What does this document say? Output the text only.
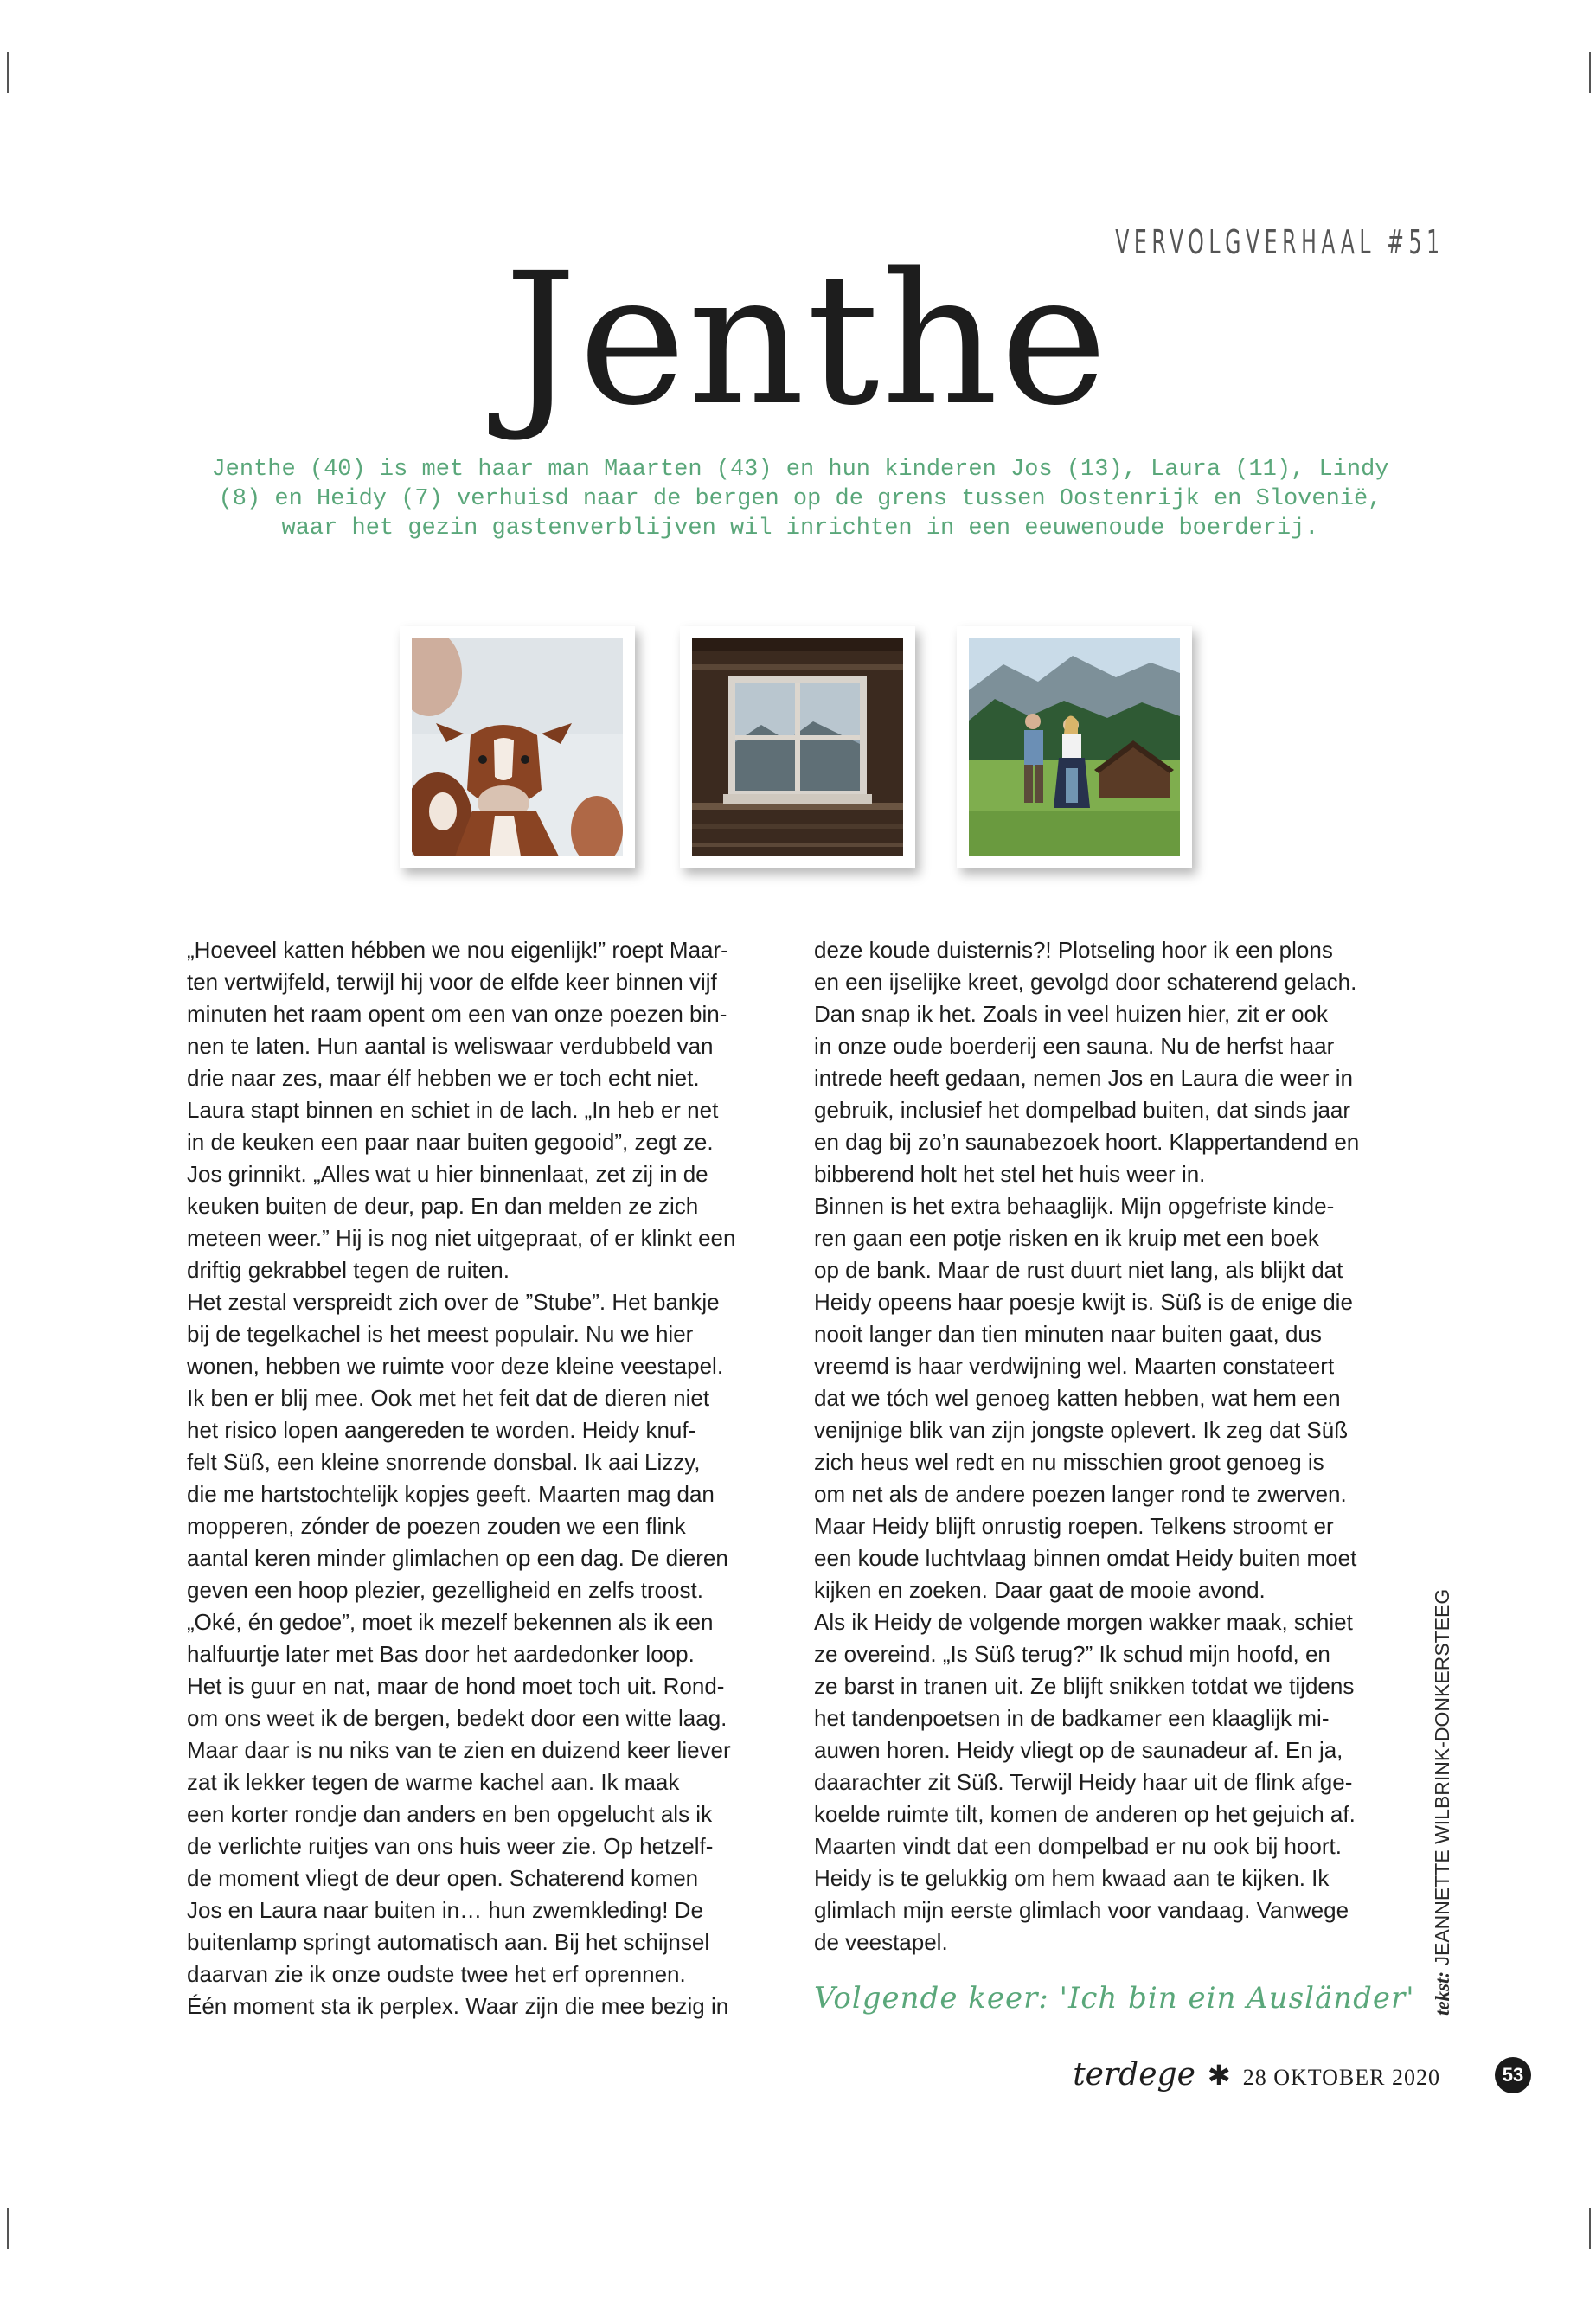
VERVOLGVERHAAL #51
Jenthe

Jenthe (40) is met haar man Maarten (43) en hun kinderen Jos (13), Laura (11), Lindy (8) en Heidy (7) verhuisd naar de bergen op de grens tussen Oostenrijk en Slovenië, waar het gezin gastenverblijven wil inrichten in een eeuwenoude boerderij.

„Hoeveel katten hébben we nou eigenlijk!” roept Maar-
ten vertwijfeld, terwijl hij voor de elfde keer binnen vijf
minuten het raam opent om een van onze poezen bin-
nen te laten. Hun aantal is weliswaar verdubbeld van
drie naar zes, maar élf hebben we er toch echt niet.
Laura stapt binnen en schiet in de lach. „In heb er net
in de keuken een paar naar buiten gegooid”, zegt ze.
Jos grinnikt. „Alles wat u hier binnenlaat, zet zij in de
keuken buiten de deur, pap. En dan melden ze zich
meteen weer.” Hij is nog niet uitgepraat, of er klinkt een
driftig gekrabbel tegen de ruiten.
Het zestal verspreidt zich over de ”Stube”. Het bankje
bij de tegelkachel is het meest populair. Nu we hier
wonen, hebben we ruimte voor deze kleine veestapel.
Ik ben er blij mee. Ook met het feit dat de dieren niet
het risico lopen aangereden te worden. Heidy knuf-
felt Süß, een kleine snorrende donsbal. Ik aai Lizzy,
die me hartstochtelijk kopjes geeft. Maarten mag dan
mopperen, zónder de poezen zouden we een flink
aantal keren minder glimlachen op een dag. De dieren
geven een hoop plezier, gezelligheid en zelfs troost.
„Oké, én gedoe”, moet ik mezelf bekennen als ik een
halfuurtje later met Bas door het aardedonker loop.
Het is guur en nat, maar de hond moet toch uit. Rond-
om ons weet ik de bergen, bedekt door een witte laag.
Maar daar is nu niks van te zien en duizend keer liever
zat ik lekker tegen de warme kachel aan. Ik maak
een korter rondje dan anders en ben opgelucht als ik
de verlichte ruitjes van ons huis weer zie. Op hetzelf-
de moment vliegt de deur open. Schaterend komen
Jos en Laura naar buiten in… hun zwemkleding! De
buitenlamp springt automatisch aan. Bij het schijnsel
daarvan zie ik onze oudste twee het erf oprennen.
Één moment sta ik perplex. Waar zijn die mee bezig in
deze koude duisternis?! Plotseling hoor ik een plons
en een ijselijke kreet, gevolgd door schaterend gelach.
Dan snap ik het. Zoals in veel huizen hier, zit er ook
in onze oude boerderij een sauna. Nu de herfst haar
intrede heeft gedaan, nemen Jos en Laura die weer in
gebruik, inclusief het dompelbad buiten, dat sinds jaar
en dag bij zo’n saunabezoek hoort. Klappertandend en
bibberend holt het stel het huis weer in.
Binnen is het extra behaaglijk. Mijn opgefriste kinde-
ren gaan een potje risken en ik kruip met een boek
op de bank. Maar de rust duurt niet lang, als blijkt dat
Heidy opeens haar poesje kwijt is. Süß is de enige die
nooit langer dan tien minuten naar buiten gaat, dus
vreemd is haar verdwijning wel. Maarten constateert
dat we tóch wel genoeg katten hebben, wat hem een
venijnige blik van zijn jongste oplevert. Ik zeg dat Süß
zich heus wel redt en nu misschien groot genoeg is
om net als de andere poezen langer rond te zwerven.
Maar Heidy blijft onrustig roepen. Telkens stroomt er
een koude luchtvlaag binnen omdat Heidy buiten moet
kijken en zoeken. Daar gaat de mooie avond.
Als ik Heidy de volgende morgen wakker maak, schiet
ze overeind. „Is Süß terug?” Ik schud mijn hoofd, en
ze barst in tranen uit. Ze blijft snikken totdat we tijdens
het tandenpoetsen in de badkamer een klaaglijk mi-
auwen horen. Heidy vliegt op de saunadeur af. En ja,
daarachter zit Süß. Terwijl Heidy haar uit de flink afge-
koelde ruimte tilt, komen de anderen op het gejuich af.
Maarten vindt dat een dompelbad er nu ook bij hoort.
Heidy is te gelukkig om hem kwaad aan te kijken. Ik
glimlach mijn eerste glimlach voor vandaag. Vanwege
de veestapel.
Volgende keer: 'Ich bin ein Ausländer' tekst: JEANNETTE WILBRINK-DONKERSTEEG
terdege ✱ 28 OKTOBER 2020	53
